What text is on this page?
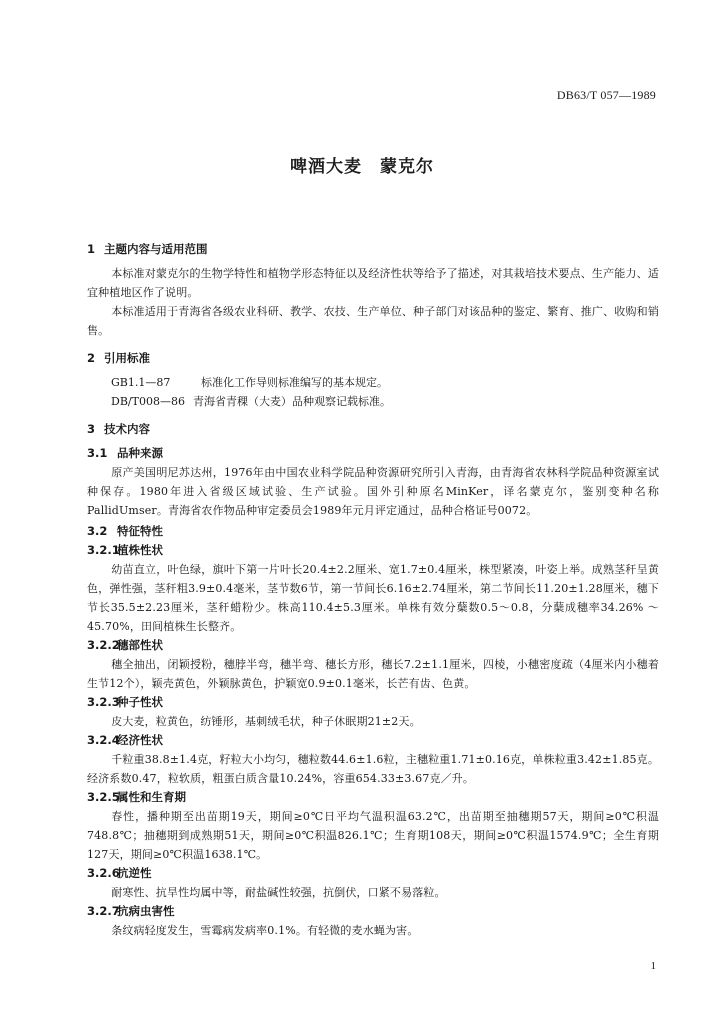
DB63/T 057—1989
啤酒大麦　蒙克尔
1 主题内容与适用范围

本标准对蒙克尔的生物学特性和植物学形态特征以及经济性状等给予了描述，对其栽培技术要点、生产能力、适宜种植地区作了说明。

本标准适用于青海省各级农业科研、教学、农技、生产单位、种子部门对该品种的鉴定、繁育、推广、收购和销售。

2 引用标准

GB1.1—87	标准化工作导则标准编写的基本规定。

DB/T008—86 青海省青稞（大麦）品种观察记载标准。

3 技术内容
3.1 品种来源

原产美国明尼苏达州，1976年由中国农业科学院品种资源研究所引入青海，由青海省农林科学院品种资源室试种保存。1980年进入省级区域试验、生产试验。国外引种原名MinKer，译名蒙克尔，鉴别变种名称PallidUmser。青海省农作物品种审定委员会1989年元月评定通过，品种合格证号0072。

3.2 特征特性
3.2.1植株性状

幼苗直立，叶色绿，旗叶下第一片叶长20.4±2.2厘米、宽1.7±0.4厘米，株型紧凑，叶姿上举。成熟茎秆呈黄色，弹性强，茎秆粗3.9±0.4毫米，茎节数6节，第一节间长6.16±2.74厘米，第二节间长11.20±1.28厘米，穗下节长35.5±2.23厘米，茎秆蜡粉少。株高110.4±5.3厘米。单株有效分蘖数0.5～0.8，分蘖成穗率34.26% ～45.70%，田间植株生长整齐。

3.2.2穗部性状

穗全抽出，闭颖授粉，穗脖半弯，穗半弯、穗长方形，穗长7.2±1.1厘米，四棱，小穗密度疏（4厘米内小穗着生节12个），颖壳黄色，外颖脉黄色，护颖宽0.9±0.1毫米，长芒有齿、色黄。

3.2.3种子性状

皮大麦，粒黄色，纺锤形，基刺绒毛状，种子休眠期21±2天。

3.2.4经济性状

千粒重38.8±1.4克，籽粒大小均匀，穗粒数44.6±1.6粒，主穗粒重1.71±0.16克，单株粒重3.42±1.85克。经济系数0.47，粒软质，粗蛋白质含量10.24%，容重654.33±3.67克／升。

3.2.5属性和生育期

春性，播种期至出苗期19天，期间≥0℃日平均气温积温63.2℃，出苗期至抽穗期57天，期间≥0℃积温748.8℃；抽穗期到成熟期51天，期间≥0℃积温826.1℃；生育期108天，期间≥0℃积温1574.9℃；全生育期127天，期间≥0℃积温1638.1℃。

3.2.6抗逆性

耐寒性、抗旱性均属中等，耐盐碱性较强，抗倒伏，口紧不易落粒。

3.2.7抗病虫害性

条纹病轻度发生，雪霉病发病率0.1%。有轻微的麦水蝇为害。

1
